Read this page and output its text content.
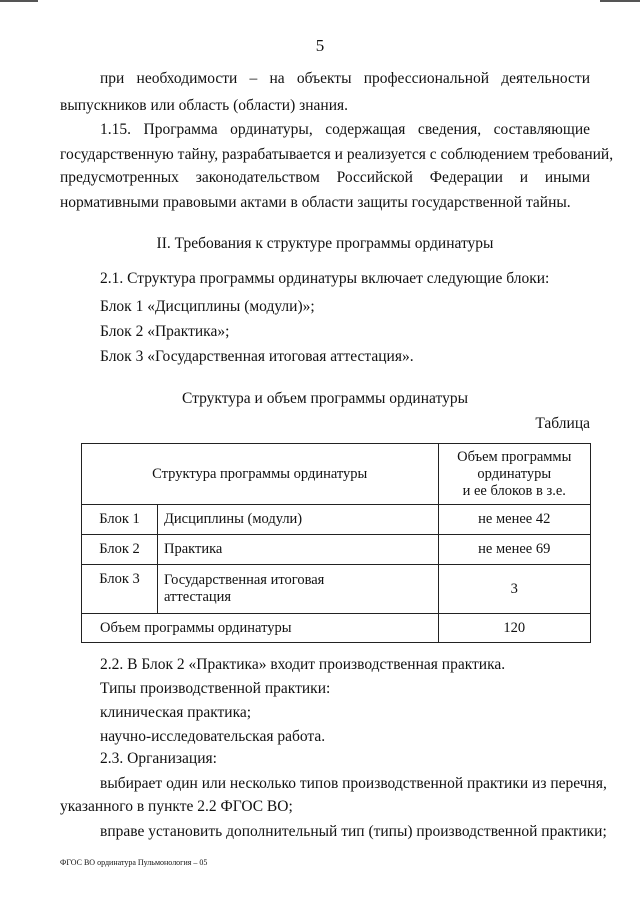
5
при необходимости – на объекты профессиональной деятельности
выпускников или область (области) знания.
1.15. Программа ординатуры, содержащая сведения, составляющие
государственную тайну, разрабатывается и реализуется с соблюдением требований,
предусмотренных законодательством Российской Федерации и иными
нормативными правовыми актами в области защиты государственной тайны.
II. Требования к структуре программы ординатуры
2.1. Структура программы ординатуры включает следующие блоки:
Блок 1 «Дисциплины (модули)»;
Блок 2 «Практика»;
Блок 3 «Государственная итоговая аттестация».
Структура и объем программы ординатуры
Таблица
Структура программы ординатуры		Объем программы
ординатуры
и ее блоков в з.е.

Блок 1	Дисциплины (модули)	не менее 42
Блок 2	Практика	не менее 69
Блок 3	Государственная итоговая
аттестация	3
Объем программы ординатуры		120
2.2. В Блок 2 «Практика» входит производственная практика.
Типы производственной практики:
клиническая практика;
научно-исследовательская работа.
2.3. Организация:
выбирает один или несколько типов производственной практики из перечня,
указанного в пункте 2.2 ФГОС ВО;
вправе установить дополнительный тип (типы) производственной практики;
ФГОС ВО ординатура Пульмонология – 05
